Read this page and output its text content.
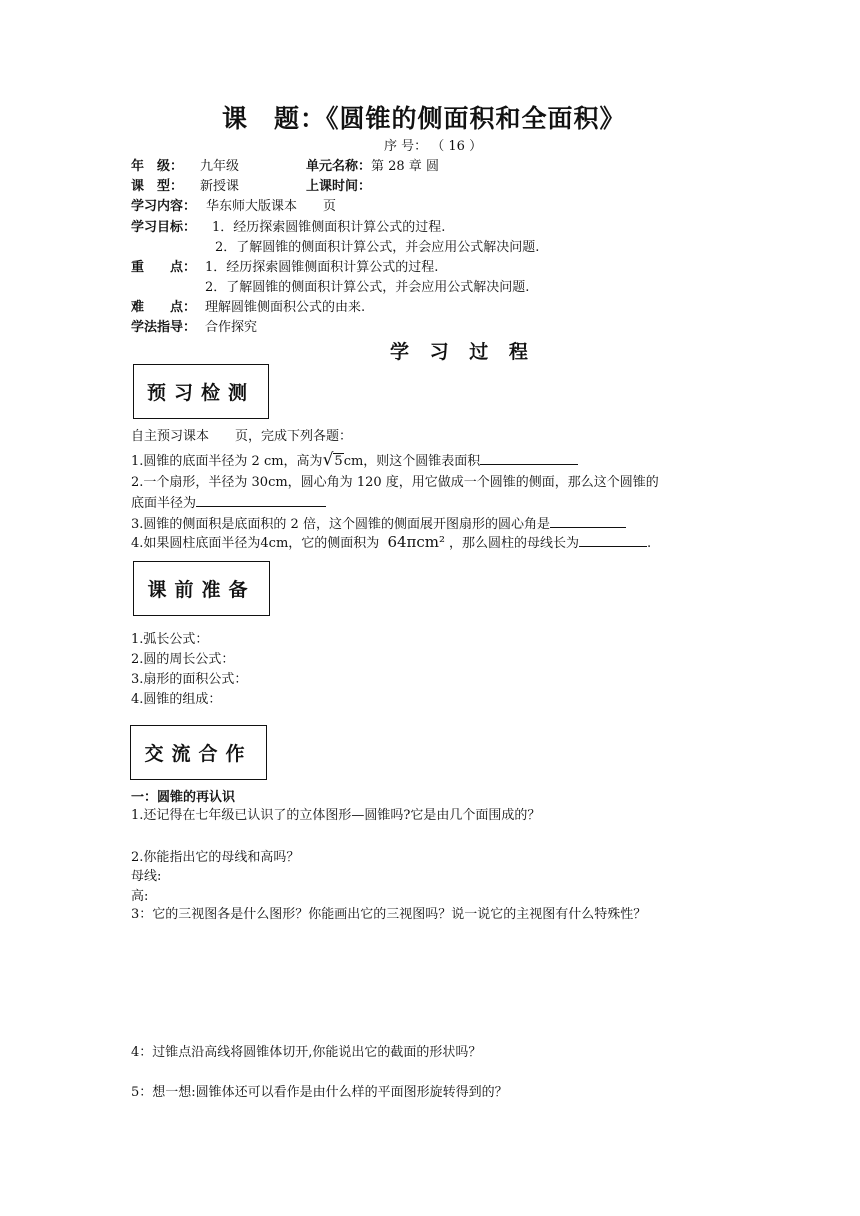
课　题：《圆锥的侧面积和全面积》
序 号： （ 16 ）
年　级： 九年级	单元名称： 第 28 章 圆
课　型： 新授课	上课时间：
学习内容： 华东师大版课本　　页
学习目标： 1．经历探索圆锥侧面积计算公式的过程.
2．了解圆锥的侧面积计算公式，并会应用公式解决问题.
重　　点： 1．经历探索圆锥侧面积计算公式的过程.
2．了解圆锥的侧面积计算公式，并会应用公式解决问题.
难　　点： 理解圆锥侧面积公式的由来.
学法指导： 合作探究
学 习 过 程
预习检测
自主预习课本　　页，完成下列各题：
1.圆锥的底面半径为 2 cm，高为√5cm，则这个圆锥表面积
2.一个扇形，半径为 30cm，圆心角为 120 度，用它做成一个圆锥的侧面，那么这个圆锥的
底面半径为
3.圆锥的侧面积是底面积的 2 倍，这个圆锥的侧面展开图扇形的圆心角是
4.如果圆柱底面半径为4cm，它的侧面积为 64πcm² ，那么圆柱的母线长为	.
课前准备
1.弧长公式：
2.圆的周长公式：
3.扇形的面积公式：
4.圆锥的组成：
交流合作
一：圆锥的再认识
1.还记得在七年级已认识了的立体图形—圆锥吗?它是由几个面围成的？
2.你能指出它的母线和高吗？
母线:
高:
3：它的三视图各是什么图形？你能画出它的三视图吗？说一说它的主视图有什么特殊性？
4：过锥点沿高线将圆锥体切开,你能说出它的截面的形状吗？
5：想一想:圆锥体还可以看作是由什么样的平面图形旋转得到的？
